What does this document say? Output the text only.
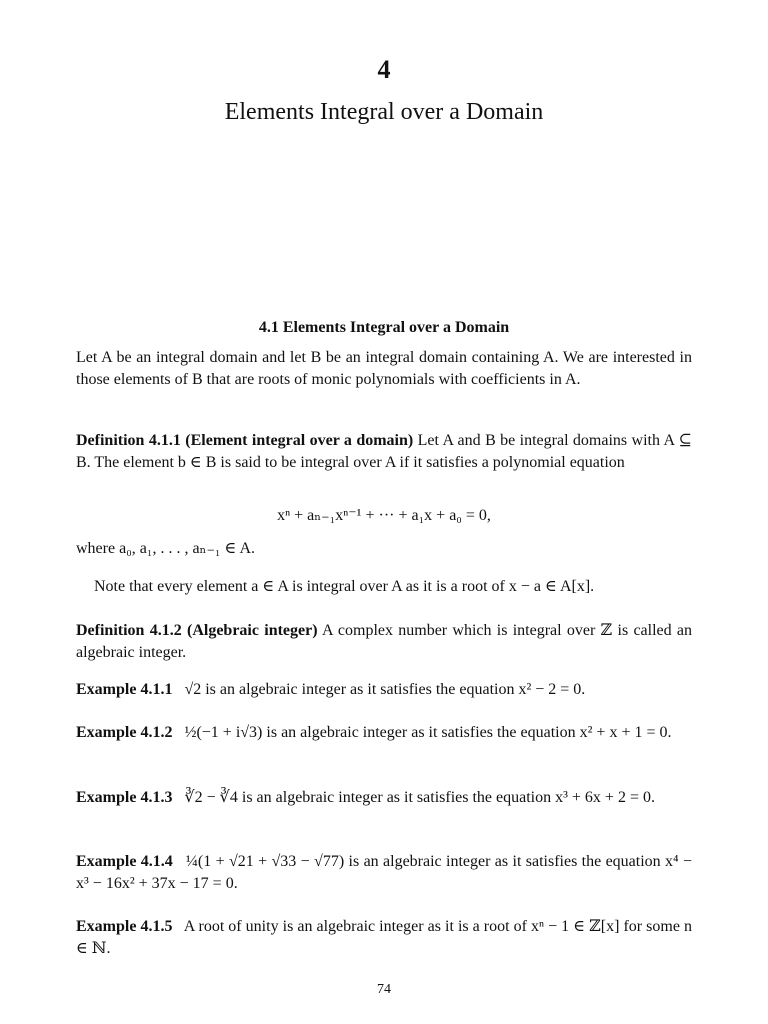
4
Elements Integral over a Domain
4.1 Elements Integral over a Domain
Let A be an integral domain and let B be an integral domain containing A. We are interested in those elements of B that are roots of monic polynomials with coefficients in A.
Definition 4.1.1 (Element integral over a domain) Let A and B be integral domains with A ⊆ B. The element b ∈ B is said to be integral over A if it satisfies a polynomial equation
xⁿ + aₙ₋₁xⁿ⁻¹ + ··· + a₁x + a₀ = 0,
where a₀, a₁, . . . , aₙ₋₁ ∈ A.
Note that every element a ∈ A is integral over A as it is a root of x − a ∈ A[x].
Definition 4.1.2 (Algebraic integer) A complex number which is integral over ℤ is called an algebraic integer.
Example 4.1.1 √2 is an algebraic integer as it satisfies the equation x² − 2 = 0.
Example 4.1.2 ½(−1 + i√3) is an algebraic integer as it satisfies the equation x² + x + 1 = 0.
Example 4.1.3 ∛2 − ∛4 is an algebraic integer as it satisfies the equation x³ + 6x + 2 = 0.
Example 4.1.4 ¼(1 + √21 + √33 − √77) is an algebraic integer as it satisfies the equation x⁴ − x³ − 16x² + 37x − 17 = 0.
Example 4.1.5 A root of unity is an algebraic integer as it is a root of xⁿ − 1 ∈ ℤ[x] for some n ∈ ℕ.
74
